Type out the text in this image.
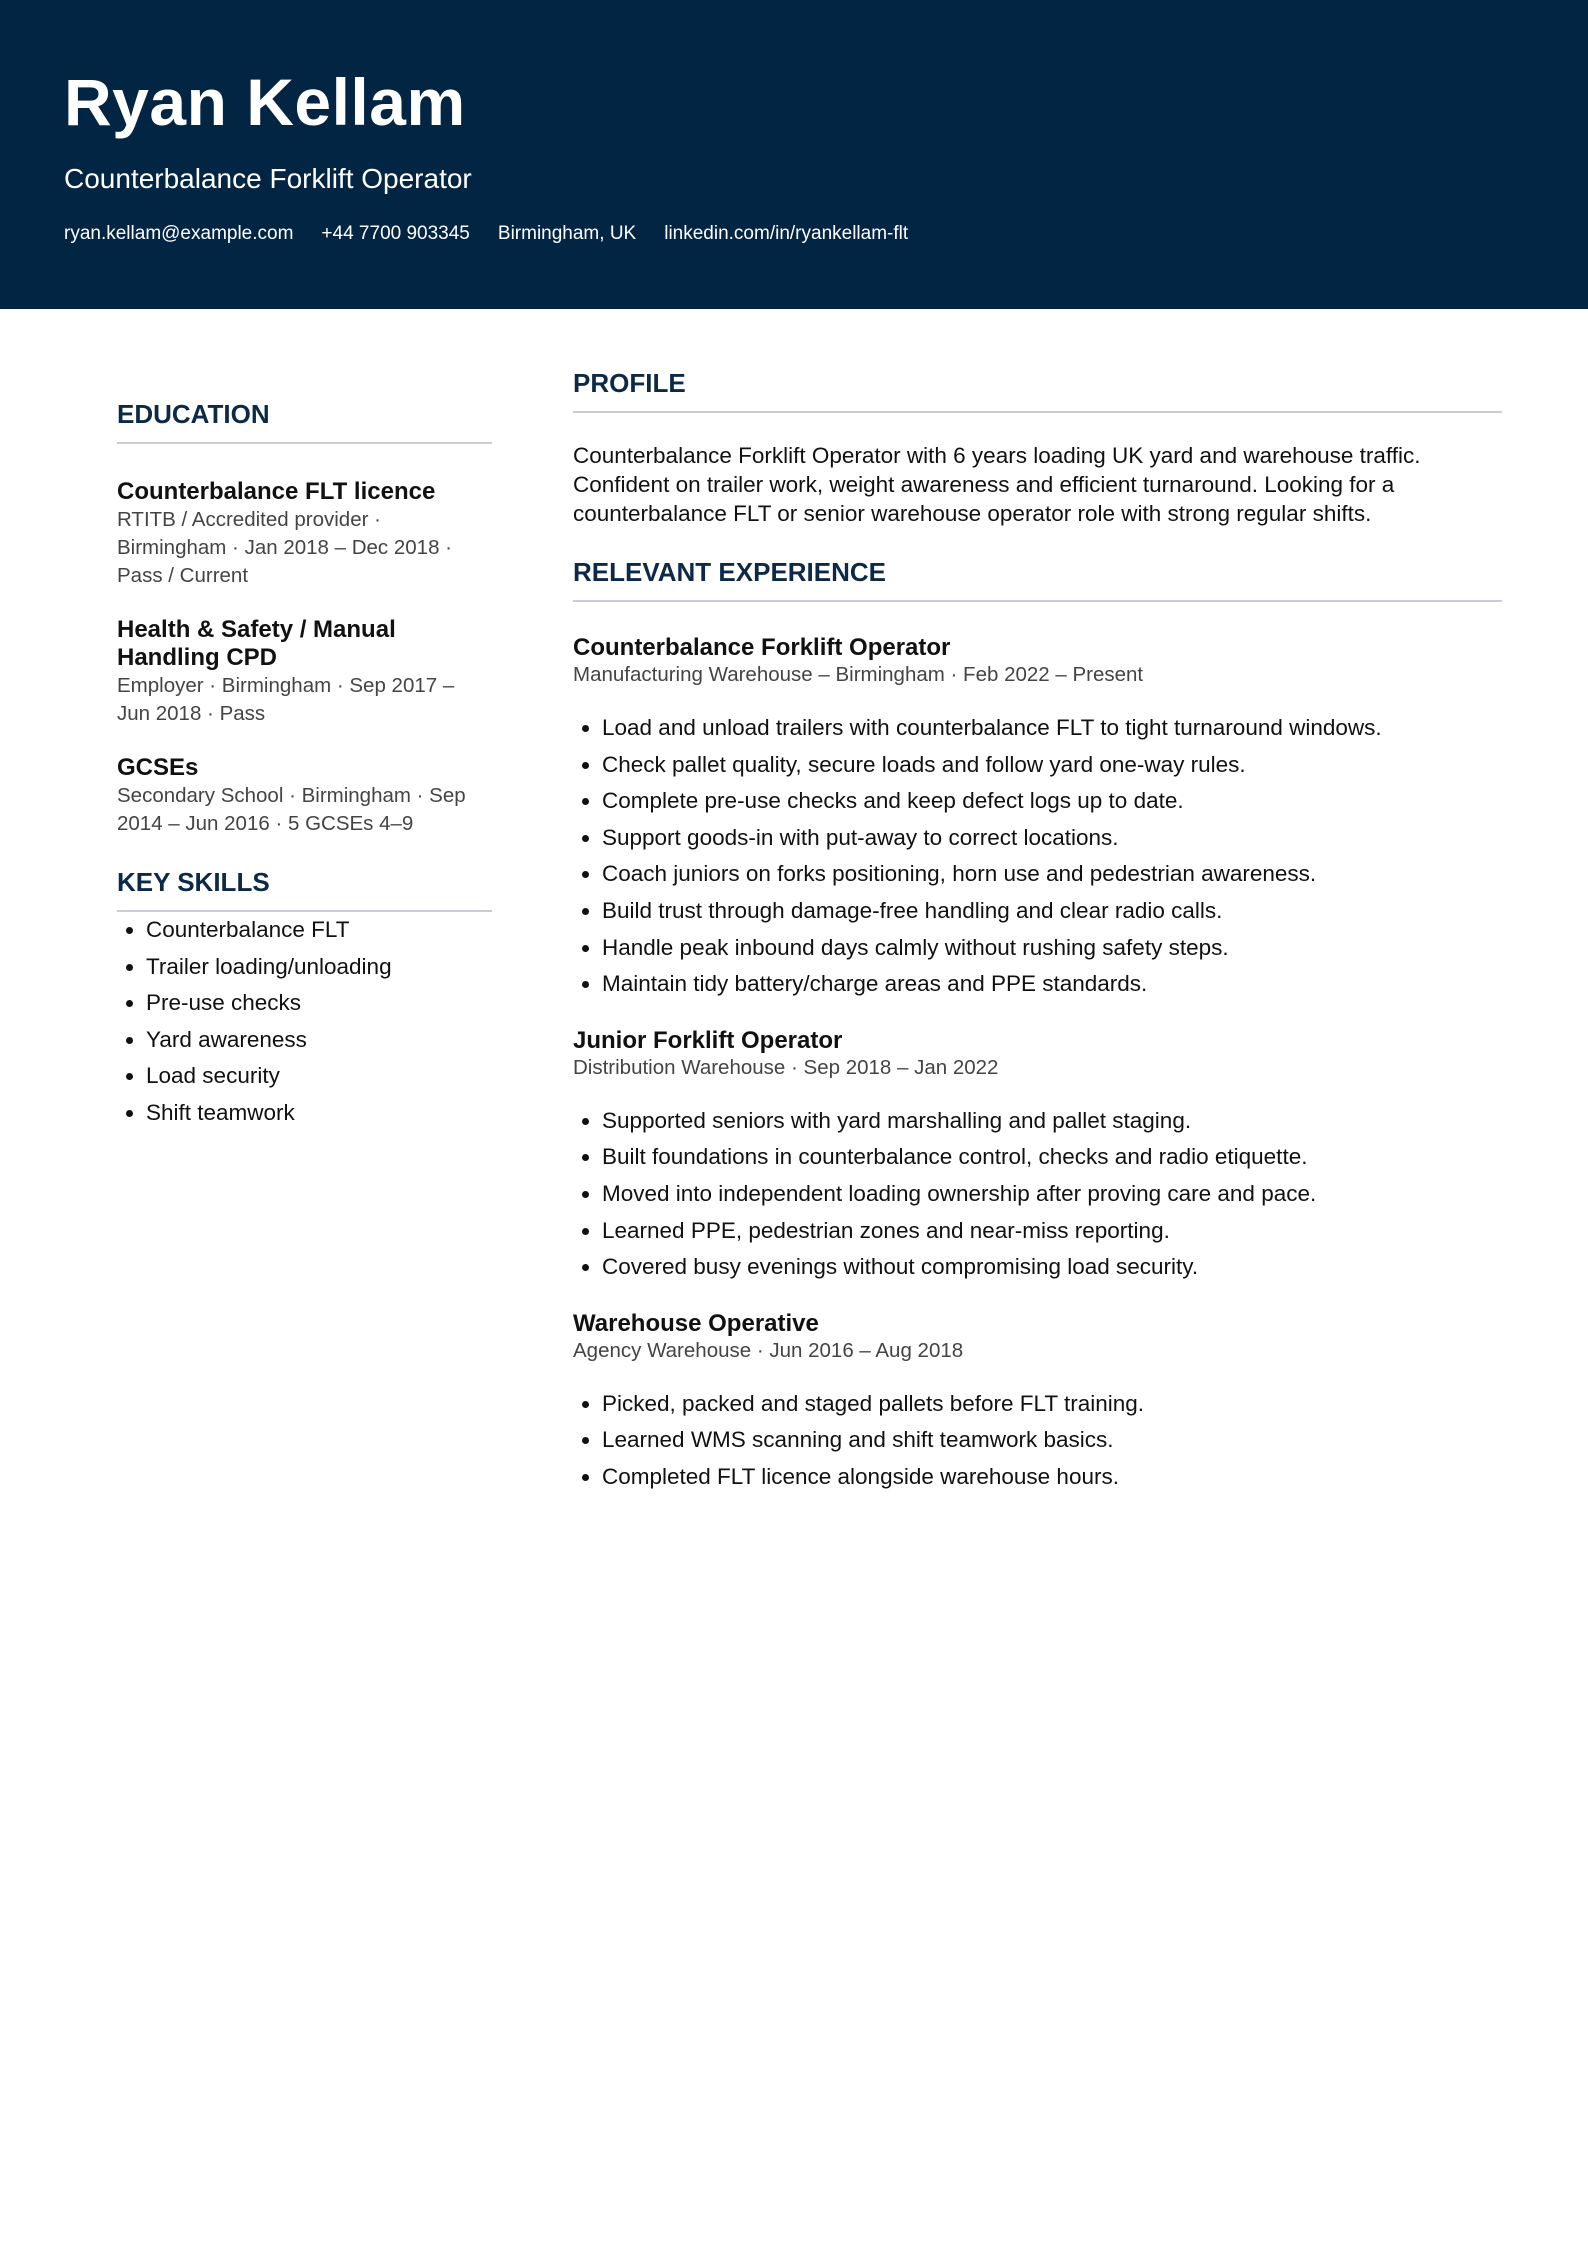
Ryan Kellam
Counterbalance Forklift Operator
ryan.kellam@example.com +44 7700 903345 Birmingham, UK linkedin.com/in/ryankellam-flt
EDUCATION
Counterbalance FLT licence
RTITB / Accredited provider · Birmingham · Jan 2018 – Dec 2018 · Pass / Current
Health & Safety / Manual Handling CPD
Employer · Birmingham · Sep 2017 – Jun 2018 · Pass
GCSEs
Secondary School · Birmingham · Sep 2014 – Jun 2016 · 5 GCSEs 4–9
KEY SKILLS
• Counterbalance FLT
• Trailer loading/unloading
• Pre-use checks
• Yard awareness
• Load security
• Shift teamwork
PROFILE

Counterbalance Forklift Operator with 6 years loading UK yard and warehouse traffic. Confident on trailer work, weight awareness and efficient turnaround. Looking for a counterbalance FLT or senior warehouse operator role with strong regular shifts.

RELEVANT EXPERIENCE
Counterbalance Forklift Operator
Manufacturing Warehouse – Birmingham · Feb 2022 – Present
• Load and unload trailers with counterbalance FLT to tight turnaround windows.
• Check pallet quality, secure loads and follow yard one-way rules.
• Complete pre-use checks and keep defect logs up to date.
• Support goods-in with put-away to correct locations.
• Coach juniors on forks positioning, horn use and pedestrian awareness.
• Build trust through damage-free handling and clear radio calls.
• Handle peak inbound days calmly without rushing safety steps.
• Maintain tidy battery/charge areas and PPE standards.
Junior Forklift Operator
Distribution Warehouse · Sep 2018 – Jan 2022
• Supported seniors with yard marshalling and pallet staging.
• Built foundations in counterbalance control, checks and radio etiquette.
• Moved into independent loading ownership after proving care and pace.
• Learned PPE, pedestrian zones and near-miss reporting.
• Covered busy evenings without compromising load security.
Warehouse Operative
Agency Warehouse · Jun 2016 – Aug 2018
• Picked, packed and staged pallets before FLT training.
• Learned WMS scanning and shift teamwork basics.
• Completed FLT licence alongside warehouse hours.
